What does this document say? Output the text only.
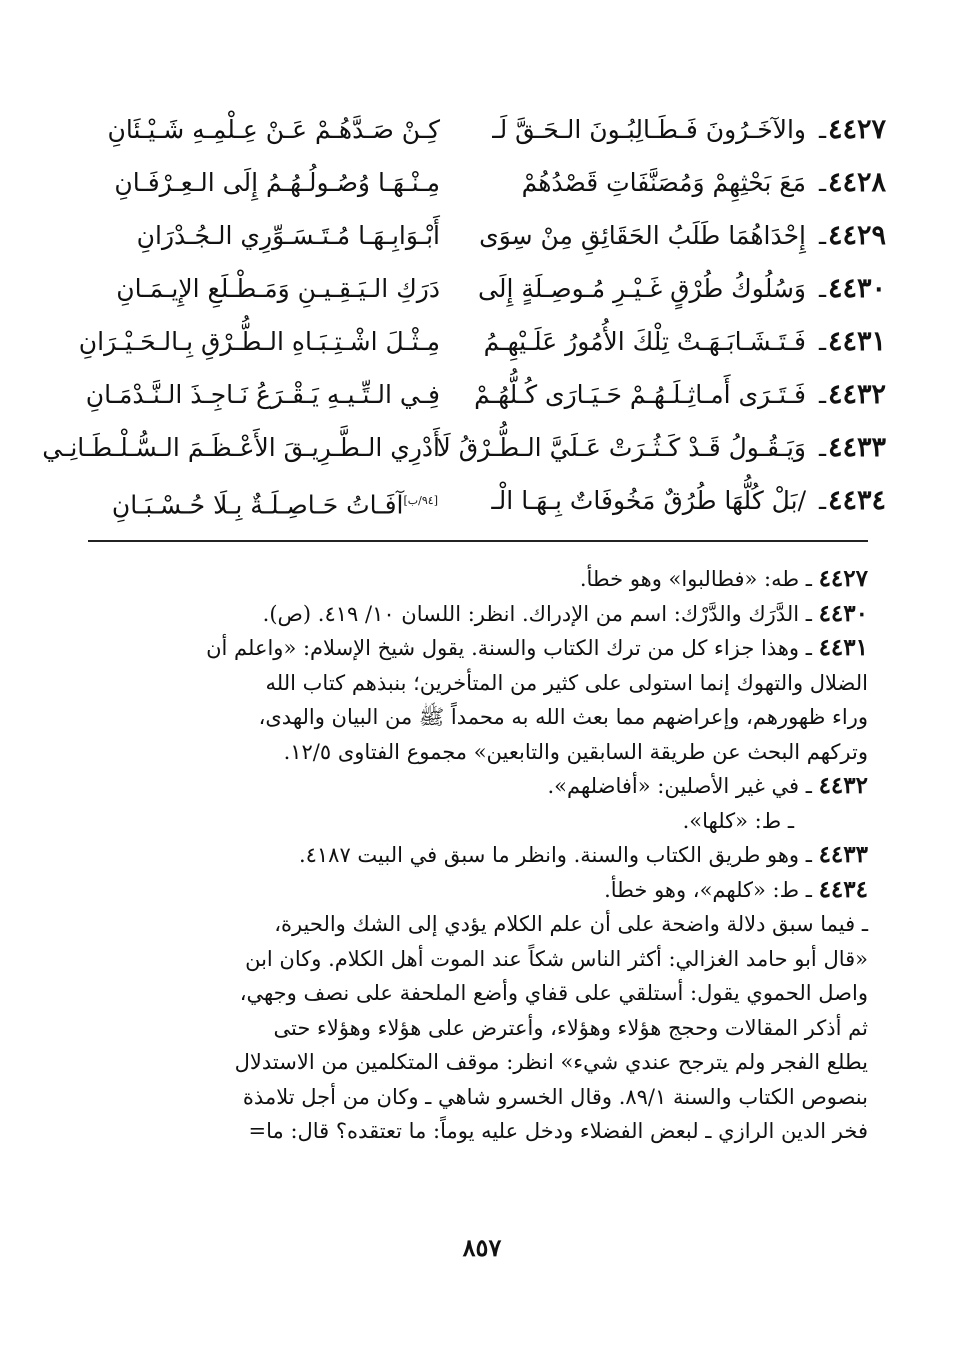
٤٤٢٧
ـ
والآخَـرُونَ فَـطَـالِبُـونَ الـحَـقَّ لَـ
كِـنْ صَـدَّهُـمْ عَـنْ عِـلْمِـهِ شَـيْـئَانِ
٤٤٢٨
ـ
مَعَ بَحْثِهِمْ وَمُصَنَّفَاتِ قَصْدُهُمْ
مِـنْـهَـا وُصُـولُـهُـمُ إِلَى الـعِـرْفَـانِ
٤٤٢٩
ـ
إِحْدَاهُمَا طَلَبُ الحَقَائِقِ مِنْ سِوَى
أَبْـوَابِـهَـا مُـتَـسَـوِّرِي الـجُـدْرَانِ
٤٤٣٠
ـ
وَسُلُوكُ طُرْقٍ غَـيْـرِ مُـوصِـلَةٍ إِلَى
دَرَكِ الـيَـقِـيـنِ وَمَـطْـلَعِ الإِيـمَـانِ
٤٤٣١
ـ
فَـتَـشَـابَـهَـتْ تِلْكَ الأُمُورُ عَلَـيْهِـمُ
مِـثْـلَ اشْـتِـبَـاهِ الـطُّـرْقِ بِـالـحَـيْـرَانِ
٤٤٣٢
ـ
فَـتَـرَى أَمـاثِـلَـهُـمْ حَـيَـارَى كُـلُّهُـمْ
فِـي الـتِّـيـهِ يَـقْـرَعُ نَـاجِـذَ الـنَّـدْمَـانِ
٤٤٣٣
ـ
وَيَـقُـولُ قَـدْ كَـثُـرَتْ عَـلَيَّ الـطُّـرْقُ لَا
أَدْرِي الـطَّـرِيـقَ الأَعْـظَـمَ الـسُّـلْـطَـانِـي
٤٤٣٤
ـ
/بَلْ كُلُّهَا طُرُقٌ مَخُوفَاتٌ بِـهَـا الْـ
[٩٤/ب]آفَـاتُ حَـاصِـلَـةٌ بِـلَا حُـسْـبَـانِ
٤٤٢٧ ـ طه: «فطالبوا» وهو خطأ.
٤٤٣٠ ـ الدَّرَك والدَّرْك: اسم من الإدراك. انظر: اللسان ١٠/ ٤١٩. (ص).
٤٤٣١ ـ وهذا جزاء كل من ترك الكتاب والسنة. يقول شيخ الإسلام: «واعلم أن
الضلال والتهوك إنما استولى على كثير من المتأخرين؛ بنبذهم كتاب الله
وراء ظهورهم، وإعراضهم مما بعث الله به محمداً ﷺ من البيان والهدى،
وتركهم البحث عن طريقة السابقين والتابعين» مجموع الفتاوى ١٢/٥.
٤٤٣٢ ـ في غير الأصلين: «أفاضلهم».
ـ ط: «كلها».
٤٤٣٣ ـ وهو طريق الكتاب والسنة. وانظر ما سبق في البيت ٤١٨٧.
٤٤٣٤ ـ ط: «كلهم»، وهو خطأ.
ـ فيما سبق دلالة واضحة على أن علم الكلام يؤدي إلى الشك والحيرة،
«قال أبو حامد الغزالي: أكثر الناس شكاً عند الموت أهل الكلام. وكان ابن
واصل الحموي يقول: أستلقي على قفاي وأضع الملحفة على نصف وجهي،
ثم أذكر المقالات وحجج هؤلاء وهؤلاء، وأعترض على هؤلاء وهؤلاء حتى
يطلع الفجر ولم يترجح عندي شيء» انظر: موقف المتكلمين من الاستدلال
بنصوص الكتاب والسنة ٨٩/١. وقال الخسرو شاهي ـ وكان من أجل تلامذة
فخر الدين الرازي ـ لبعض الفضلاء ودخل عليه يوماً: ما تعتقده؟ قال: ما=
٨٥٧
